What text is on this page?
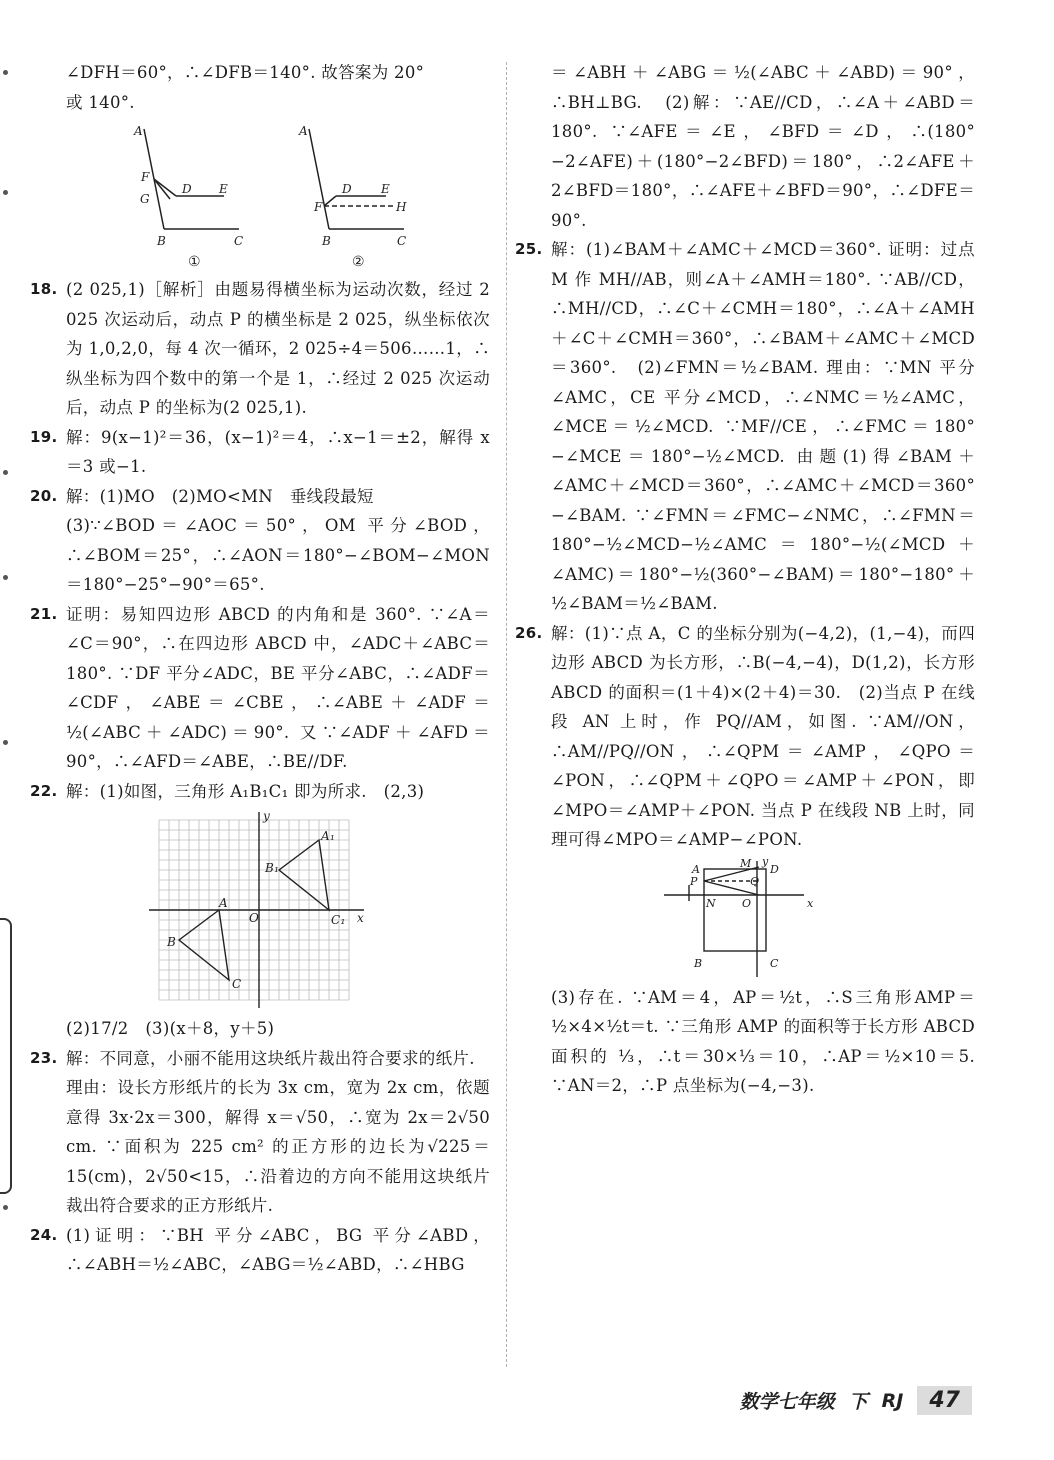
∠DFH＝60°，∴∠DFB＝140°. 故答案为 20°

或 140°.

A
F
G
D E
B	C
A
F
D E
H
B	C
①	②
18. (2 025,1)［解析］由题易得横坐标为运动次数，经过 2 025 次运动后，动点 P 的横坐标是 2 025，纵坐标依次为 1,0,2,0，每 4 次一循环，2 025÷4＝506……1，∴纵坐标为四个数中的第一个是 1，∴经过 2 025 次运动后，动点 P 的坐标为(2 025,1).
19. 解：9(x−1)²＝36，(x−1)²＝4，∴x−1＝±2，解得 x＝3 或−1.
20. 解：(1)MO　(2)MO<MN　垂线段最短
(3)∵∠BOD＝∠AOC＝50°，OM 平分∠BOD，∴∠BOM＝25°，∴∠AON＝180°−∠BOM−∠MON＝180°−25°−90°＝65°.
21. 证明：易知四边形 ABCD 的内角和是 360°. ∵∠A＝∠C＝90°，∴在四边形 ABCD 中，∠ADC＋∠ABC＝180°. ∵DF 平分∠ADC，BE 平分∠ABC，∴∠ADF＝∠CDF，∠ABE＝∠CBE，∴∠ABE＋∠ADF＝½(∠ABC＋∠ADC)＝90°. 又∵∠ADF＋∠AFD＝90°，∴∠AFD＝∠ABE，∴BE//DF.
22. 解：(1)如图，三角形 A₁B₁C₁ 即为所求.　(2,3)
A
B
C
A₁
B₁
C₁
O	x
y

(2)17/2　(3)(x＋8，y＋5)

23. 解：不同意，小丽不能用这块纸片裁出符合要求的纸片.
理由：设长方形纸片的长为 3x cm，宽为 2x cm，依题意得 3x·2x＝300，解得 x＝√50，∴宽为 2x＝2√50 cm. ∵面积为 225 cm² 的正方形的边长为√225＝15(cm)，2√50<15，∴沿着边的方向不能用这块纸片裁出符合要求的正方形纸片.
24. (1)证明：∵BH 平分∠ABC，BG 平分∠ABD，∴∠ABH＝½∠ABC，∠ABG＝½∠ABD，∴∠HBG

＝∠ABH＋∠ABG＝½(∠ABC＋∠ABD)＝90°，∴BH⊥BG.　(2)解：∵AE//CD，∴∠A＋∠ABD＝180°. ∵∠AFE＝∠E，∠BFD＝∠D，∴(180°−2∠AFE)＋(180°−2∠BFD)＝180°，∴2∠AFE＋2∠BFD＝180°，∴∠AFE＋∠BFD＝90°，∴∠DFE＝90°.

25. 解：(1)∠BAM＋∠AMC＋∠MCD＝360°. 证明：过点 M 作 MH//AB，则∠A＋∠AMH＝180°. ∵AB//CD，∴MH//CD，∴∠C＋∠CMH＝180°，∴∠A＋∠AMH＋∠C＋∠CMH＝360°，∴∠BAM＋∠AMC＋∠MCD＝360°.　(2)∠FMN＝½∠BAM. 理由：∵MN 平分∠AMC，CE 平分∠MCD，∴∠NMC＝½∠AMC，∠MCE＝½∠MCD. ∵MF//CE，∴∠FMC＝180°−∠MCE＝180°−½∠MCD. 由题(1)得∠BAM＋∠AMC＋∠MCD＝360°，∴∠AMC＋∠MCD＝360°−∠BAM. ∵∠FMN＝∠FMC−∠NMC，∴∠FMN＝180°−½∠MCD−½∠AMC＝180°−½(∠MCD＋∠AMC)＝180°−½(360°−∠BAM)＝180°−180°＋½∠BAM＝½∠BAM.
26. 解：(1)∵点 A，C 的坐标分别为(−4,2)，(1,−4)，而四边形 ABCD 为长方形，∴B(−4,−4)，D(1,2)，长方形 ABCD 的面积＝(1＋4)×(2＋4)＝30.　(2)当点 P 在线段 AN 上时，作 PQ//AM，如图. ∵AM//ON，∴AM//PQ//ON，∴∠QPM＝∠AMP，∠QPO＝∠PON，∴∠QPM＋∠QPO＝∠AMP＋∠PON，即∠MPO＝∠AMP＋∠PON. 当点 P 在线段 NB 上时，同理可得∠MPO＝∠AMP−∠PON.
A
P
N
M D
Q
O	x
y
B	C

(3)存在. ∵AM＝4，AP＝½t，∴S三角形AMP＝½×4×½t＝t. ∵三角形 AMP 的面积等于长方形 ABCD 面积的 ⅓，∴t＝30×⅓＝10，∴AP＝½×10＝5. ∵AN＝2，∴P 点坐标为(−4,−3).

数学七年级 下 RJ	47
